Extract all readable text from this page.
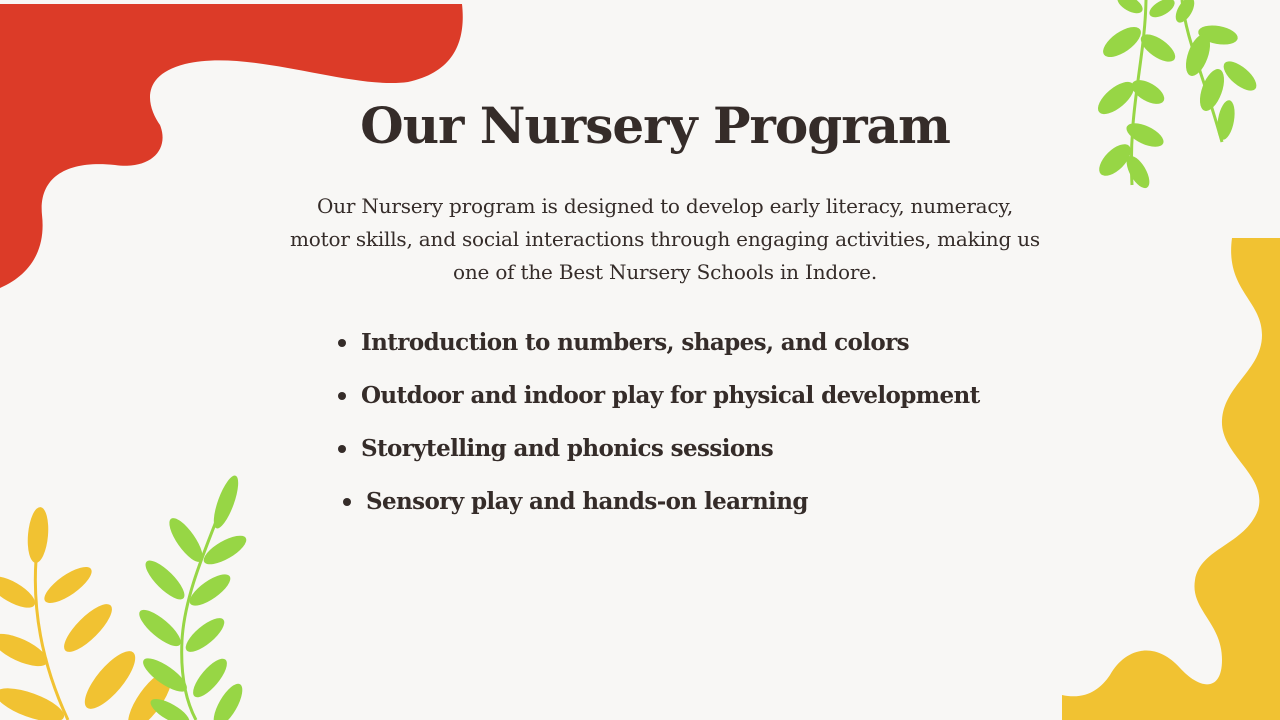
Our Nursery Program

Our Nursery program is designed to develop early literacy, numeracy, motor skills, and social interactions through engaging activities, making us one of the Best Nursery Schools in Indore.

Introduction to numbers, shapes, and colors
Outdoor and indoor play for physical development
Storytelling and phonics sessions
Sensory play and hands-on learning
